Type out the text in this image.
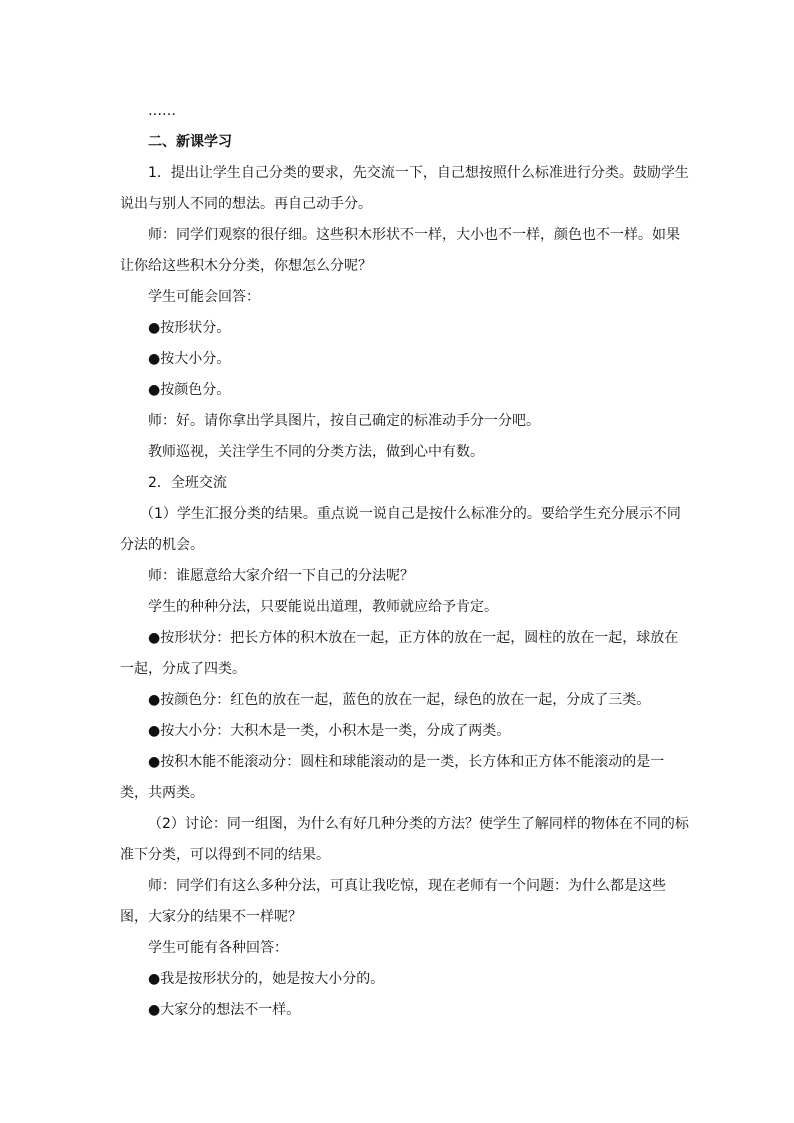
……

二、新课学习

1．提出让学生自己分类的要求，先交流一下，自己想按照什么标准进行分类。鼓励学生说出与别人不同的想法。再自己动手分。

师：同学们观察的很仔细。这些积木形状不一样，大小也不一样，颜色也不一样。如果让你给这些积木分分类，你想怎么分呢？

学生可能会回答：

●按形状分。

●按大小分。

●按颜色分。

师：好。请你拿出学具图片，按自己确定的标准动手分一分吧。

教师巡视，关注学生不同的分类方法，做到心中有数。

2．全班交流

（1）学生汇报分类的结果。重点说一说自己是按什么标准分的。要给学生充分展示不同分法的机会。

师：谁愿意给大家介绍一下自己的分法呢？

学生的种种分法，只要能说出道理，教师就应给予肯定。

●按形状分：把长方体的积木放在一起，正方体的放在一起，圆柱的放在一起，球放在一起，分成了四类。

●按颜色分：红色的放在一起，蓝色的放在一起，绿色的放在一起，分成了三类。

●按大小分：大积木是一类，小积木是一类，分成了两类。

●按积木能不能滚动分：圆柱和球能滚动的是一类，长方体和正方体不能滚动的是一类，共两类。

（2）讨论：同一组图，为什么有好几种分类的方法？使学生了解同样的物体在不同的标准下分类，可以得到不同的结果。

师：同学们有这么多种分法，可真让我吃惊，现在老师有一个问题：为什么都是这些图，大家分的结果不一样呢？

学生可能有各种回答：

●我是按形状分的，她是按大小分的。

●大家分的想法不一样。
